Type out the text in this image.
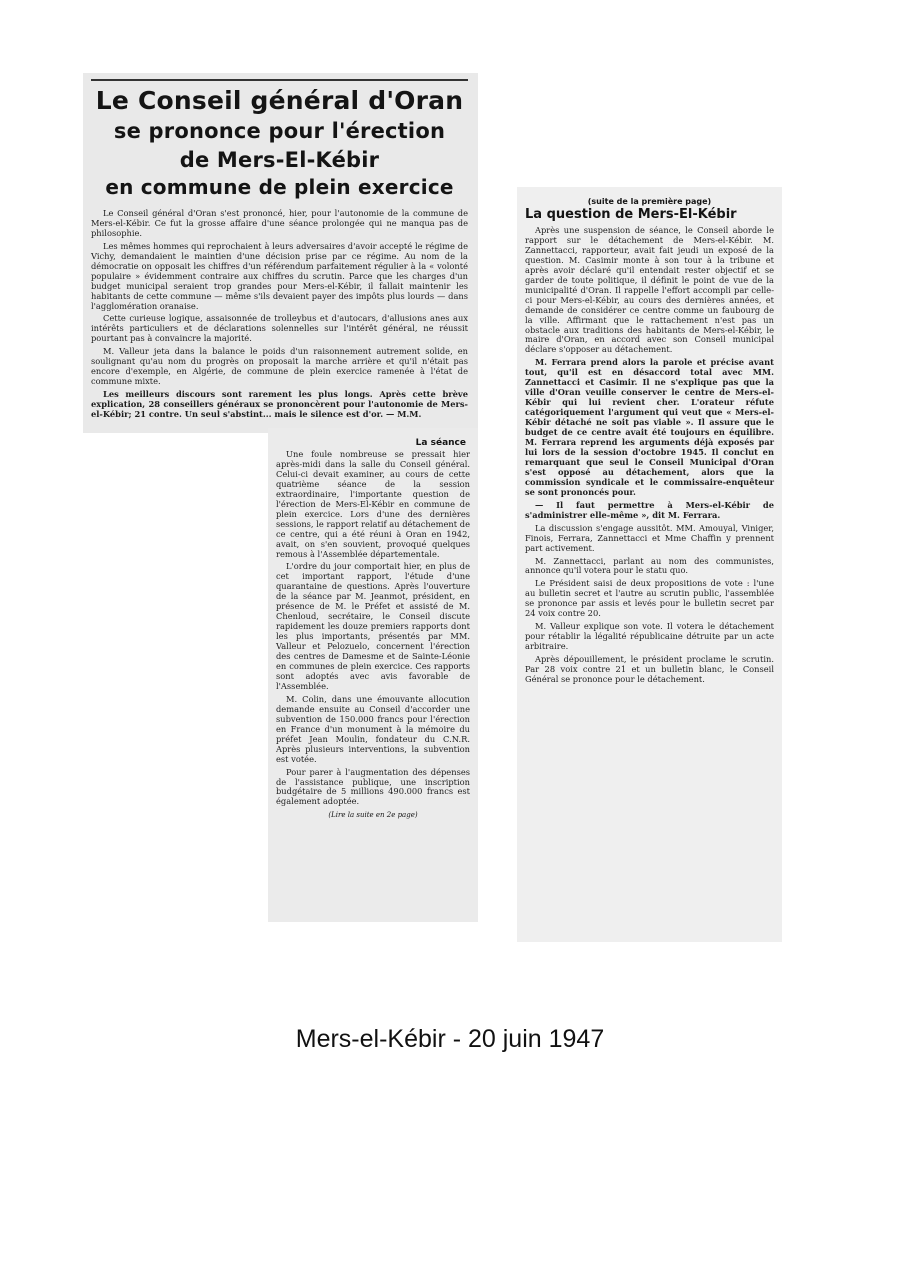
Le Conseil général d'Oran
se prononce pour l'érection
de Mers-El-Kébir
en commune de plein exercice

Le Conseil général d'Oran s'est prononcé, hier, pour l'autonomie de la commune de Mers-el-Kébir. Ce fut la grosse affaire d'une séance prolongée qui ne manqua pas de philosophie.

Les mêmes hommes qui reprochaient à leurs adversaires d'avoir accepté le régime de Vichy, demandaient le maintien d'une décision prise par ce régime. Au nom de la démocratie on opposait les chiffres d'un référendum parfaitement régulier à la « volonté populaire » évidemment contraire aux chiffres du scrutin. Parce que les charges d'un budget municipal seraient trop grandes pour Mers-el-Kébir, il fallait maintenir les habitants de cette commune — même s'ils devaient payer des impôts plus lourds — dans l'agglomération oranaise.

Cette curieuse logique, assaisonnée de trolleybus et d'autocars, d'allusions anes aux intérêts particuliers et de déclarations solennelles sur l'intérêt général, ne réussit pourtant pas à convaincre la majorité.

M. Valleur jeta dans la balance le poids d'un raisonnement autrement solide, en soulignant qu'au nom du progrès on proposait la marche arrière et qu'il n'était pas encore d'exemple, en Algérie, de commune de plein exercice ramenée à l'état de commune mixte.

Les meilleurs discours sont rarement les plus longs. Après cette brève explication, 28 conseillers généraux se prononcèrent pour l'autonomie de Mers-el-Kébir; 21 contre. Un seul s'abstint... mais le silence est d'or. — M.M.

La séance

Une foule nombreuse se pressait hier après-midi dans la salle du Conseil général. Celui-ci devait examiner, au cours de cette quatrième séance de la session extraordinaire, l'importante question de l'érection de Mers-El-Kébir en commune de plein exercice. Lors d'une des dernières sessions, le rapport relatif au détachement de ce centre, qui a été réuni à Oran en 1942, avait, on s'en souvient, provoqué quelques remous à l'Assemblée départementale.

L'ordre du jour comportait hier, en plus de cet important rapport, l'étude d'une quarantaine de questions. Après l'ouverture de la séance par M. Jeanmot, président, en présence de M. le Préfet et assisté de M. Chenloud, secrétaire, le Conseil discute rapidement les douze premiers rapports dont les plus importants, présentés par MM. Valleur et Pelozuelo, concernent l'érection des centres de Damesme et de Sainte-Léonie en communes de plein exercice. Ces rapports sont adoptés avec avis favorable de l'Assemblée.

M. Colin, dans une émouvante allocution demande ensuite au Conseil d'accorder une subvention de 150.000 francs pour l'érection en France d'un monument à la mémoire du préfet Jean Moulin, fondateur du C.N.R. Après plusieurs interventions, la subvention est votée.

Pour parer à l'augmentation des dépenses de l'assistance publique, une inscription budgétaire de 5 millions 490.000 francs est également adoptée.

(Lire la suite en 2e page)
(suite de la première page)
La question de Mers-El-Kébir

Après une suspension de séance, le Conseil aborde le rapport sur le détachement de Mers-el-Kébir. M. Zannettacci, rapporteur, avait fait jeudi un exposé de la question. M. Casimir monte à son tour à la tribune et après avoir déclaré qu'il entendait rester objectif et se garder de toute politique, il définit le point de vue de la municipalité d'Oran. Il rappelle l'effort accompli par celle-ci pour Mers-el-Kébir, au cours des dernières années, et demande de considérer ce centre comme un faubourg de la ville. Affirmant que le rattachement n'est pas un obstacle aux traditions des habitants de Mers-el-Kébir, le maire d'Oran, en accord avec son Conseil municipal déclare s'opposer au détachement.

M. Ferrara prend alors la parole et précise avant tout, qu'il est en désaccord total avec MM. Zannettacci et Casimir. Il ne s'explique pas que la ville d'Oran veuille conserver le centre de Mers-el-Kébir qui lui revient cher. L'orateur réfute catégoriquement l'argument qui veut que « Mers-el-Kébir détaché ne soit pas viable ». Il assure que le budget de ce centre avait été toujours en équilibre. M. Ferrara reprend les arguments déjà exposés par lui lors de la session d'octobre 1945. Il conclut en remarquant que seul le Conseil Municipal d'Oran s'est opposé au détachement, alors que la commission syndicale et le commissaire-enquêteur se sont prononcés pour.

— Il faut permettre à Mers-el-Kébir de s'administrer elle-même », dit M. Ferrara.

La discussion s'engage aussitôt. MM. Amouyal, Viniger, Finois, Ferrara, Zannettacci et Mme Chaffin y prennent part activement.

M. Zannettacci, parlant au nom des communistes, annonce qu'il votera pour le statu quo.

Le Président saisi de deux propositions de vote : l'une au bulletin secret et l'autre au scrutin public, l'assemblée se prononce par assis et levés pour le bulletin secret par 24 voix contre 20.

M. Valleur explique son vote. Il votera le détachement pour rétablir la légalité républicaine détruite par un acte arbitraire.

Après dépouillement, le président proclame le scrutin. Par 28 voix contre 21 et un bulletin blanc, le Conseil Général se prononce pour le détachement.

Mers-el-Kébir - 20 juin 1947
